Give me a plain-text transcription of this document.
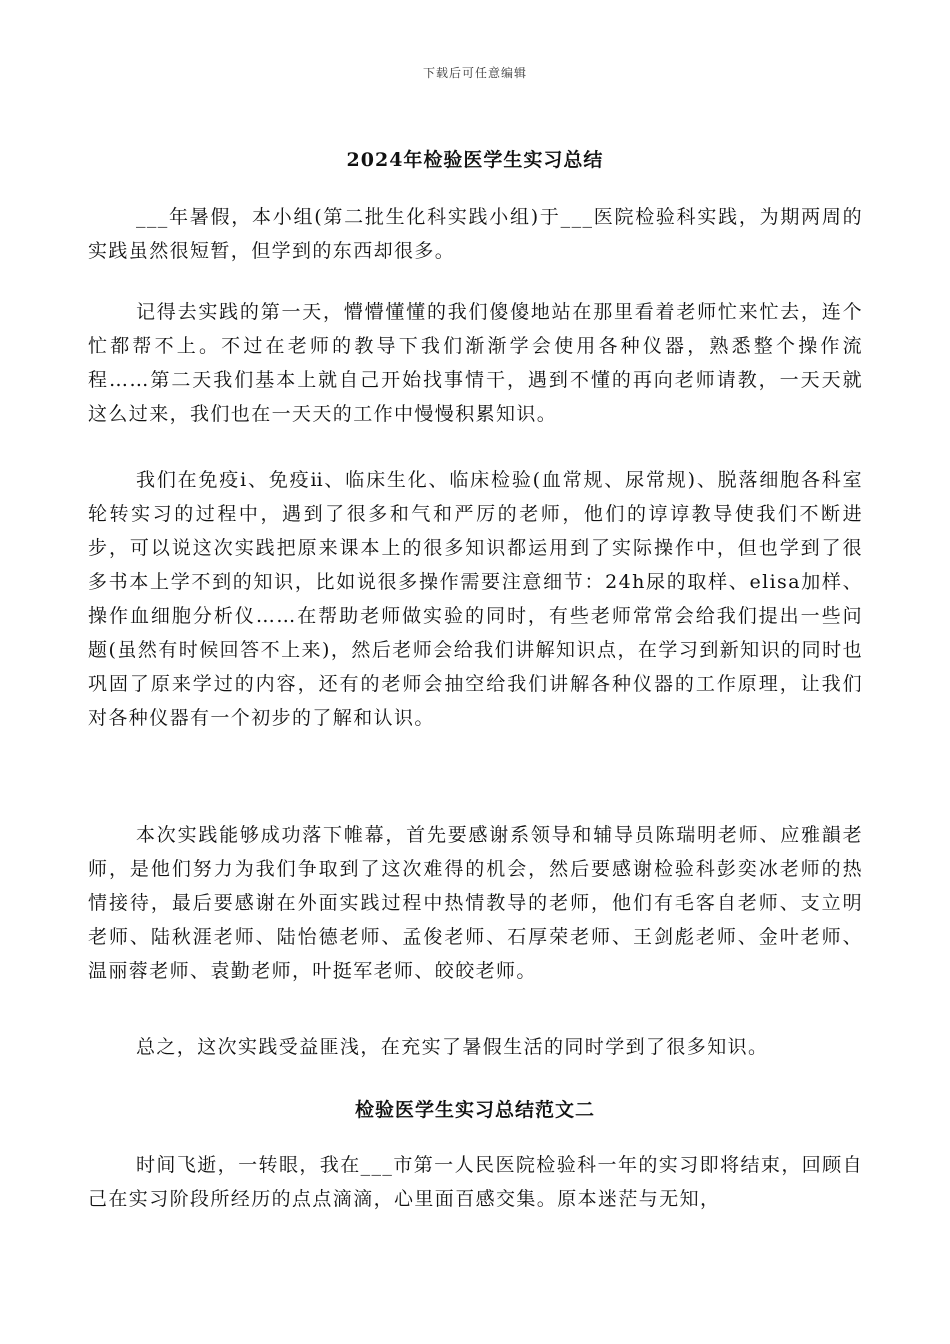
下载后可任意编辑
2024年检验医学生实习总结

___年暑假，本小组(第二批生化科实践小组)于___医院检验科实践，为期两周的实践虽然很短暂，但学到的东西却很多。

记得去实践的第一天，懵懵懂懂的我们傻傻地站在那里看着老师忙来忙去，连个忙都帮不上。不过在老师的教导下我们渐渐学会使用各种仪器，熟悉整个操作流程……第二天我们基本上就自己开始找事情干，遇到不懂的再向老师请教，一天天就这么过来，我们也在一天天的工作中慢慢积累知识。

我们在免疫ⅰ、免疫ⅱ、临床生化、临床检验(血常规、尿常规)、脱落细胞各科室轮转实习的过程中，遇到了很多和气和严厉的老师，他们的谆谆教导使我们不断进步，可以说这次实践把原来课本上的很多知识都运用到了实际操作中，但也学到了很多书本上学不到的知识，比如说很多操作需要注意细节：24h尿的取样、elisa加样、操作血细胞分析仪……在帮助老师做实验的同时，有些老师常常会给我们提出一些问题(虽然有时候回答不上来)，然后老师会给我们讲解知识点，在学习到新知识的同时也巩固了原来学过的内容，还有的老师会抽空给我们讲解各种仪器的工作原理，让我们对各种仪器有一个初步的了解和认识。

本次实践能够成功落下帷幕，首先要感谢系领导和辅导员陈瑞明老师、应雅韻老师，是他们努力为我们争取到了这次难得的机会，然后要感谢检验科彭奕冰老师的热情接待，最后要感谢在外面实践过程中热情教导的老师，他们有毛客自老师、支立明老师、陆秋涯老师、陆怡德老师、孟俊老师、石厚荣老师、王剑彪老师、金叶老师、温丽蓉老师、袁勤老师，叶挺军老师、皎皎老师。

总之，这次实践受益匪浅，在充实了暑假生活的同时学到了很多知识。

检验医学生实习总结范文二

时间飞逝，一转眼，我在___市第一人民医院检验科一年的实习即将结束，回顾自己在实习阶段所经历的点点滴滴，心里面百感交集。原本迷茫与无知，
